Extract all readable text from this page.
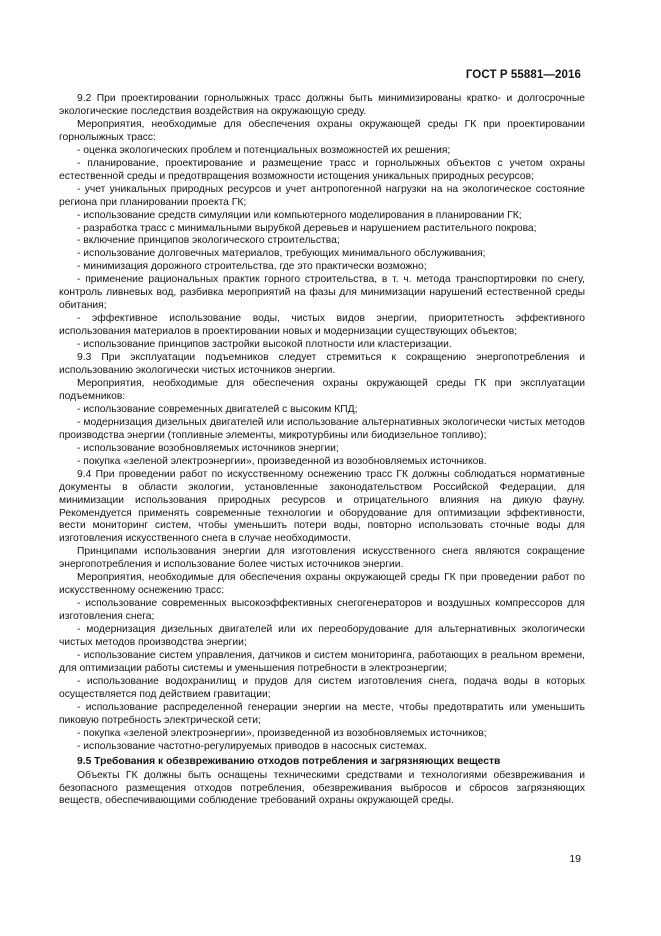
ГОСТ Р 55881—2016

9.2 При проектировании горнолыжных трасс должны быть минимизированы кратко- и долгосрочные экологические последствия воздействия на окружающую среду.

Мероприятия, необходимые для обеспечения охраны окружающей среды ГК при проектировании горнолыжных трасс:

- оценка экологических проблем и потенциальных возможностей их решения;

- планирование, проектирование и размещение трасс и горнолыжных объектов с учетом охраны естественной среды и предотвращения возможности истощения уникальных природных ресурсов;

- учет уникальных природных ресурсов и учет антропогенной нагрузки на на экологическое состояние региона при планировании проекта ГК;

- использование средств симуляции или компьютерного моделирования в планировании ГК;

- разработка трасс с минимальными вырубкой деревьев и нарушением растительного покрова;

- включение принципов экологического строительства;

- использование долговечных материалов, требующих минимального обслуживания;

- минимизация дорожного строительства, где это практически возможно;

- применение рациональных практик горного строительства, в т. ч. метода транспортировки по снегу, контроль ливневых вод, разбивка мероприятий на фазы для минимизации нарушений естественной среды обитания;

- эффективное использование воды, чистых видов энергии, приоритетность эффективного использования материалов в проектировании новых и модернизации существующих объектов;

- использование принципов застройки высокой плотности или кластеризации.

9.3 При эксплуатации подъемников следует стремиться к сокращению энергопотребления и использованию экологически чистых источников энергии.

Мероприятия, необходимые для обеспечения охраны окружающей среды ГК при эксплуатации подъемников:

- использование современных двигателей с высоким КПД;

- модернизация дизельных двигателей или использование альтернативных экологически чистых методов производства энергии (топливные элементы, микротурбины или биодизельное топливо);

- использование возобновляемых источников энергии;

- покупка «зеленой электроэнергии», произведенной из возобновляемых источников.

9.4 При проведении работ по искусственному оснежению трасс ГК должны соблюдаться нормативные документы в области экологии, установленные законодательством Российской Федерации, для минимизации использования природных ресурсов и отрицательного влияния на дикую фауну. Рекомендуется применять современные технологии и оборудование для оптимизации эффективности, вести мониторинг систем, чтобы уменьшить потери воды, повторно использовать сточные воды для изготовления искусственного снега в случае необходимости.

Принципами использования энергии для изготовления искусственного снега являются сокращение энергопотребления и использование более чистых источников энергии.

Мероприятия, необходимые для обеспечения охраны окружающей среды ГК при проведении работ по искусственному оснежению трасс:

- использование современных высокоэффективных снегогенераторов и воздушных компрессоров для изготовления снега;

- модернизация дизельных двигателей или их переоборудование для альтернативных экологически чистых методов производства энергии;

- использование систем управления, датчиков и систем мониторинга, работающих в реальном времени, для оптимизации работы системы и уменьшения потребности в электроэнергии;

- использование водохранилищ и прудов для систем изготовления снега, подача воды в которых осуществляется под действием гравитации;

- использование распределенной генерации энергии на месте, чтобы предотвратить или уменьшить пиковую потребность электрической сети;

- покупка «зеленой электроэнергии», произведенной из возобновляемых источников;

- использование частотно-регулируемых приводов в насосных системах.

9.5 Требования к обезвреживанию отходов потребления и загрязняющих веществ

Объекты ГК должны быть оснащены техническими средствами и технологиями обезвреживания и безопасного размещения отходов потребления, обезвреживания выбросов и сбросов загрязняющих веществ, обеспечивающими соблюдение требований охраны окружающей среды.

19
